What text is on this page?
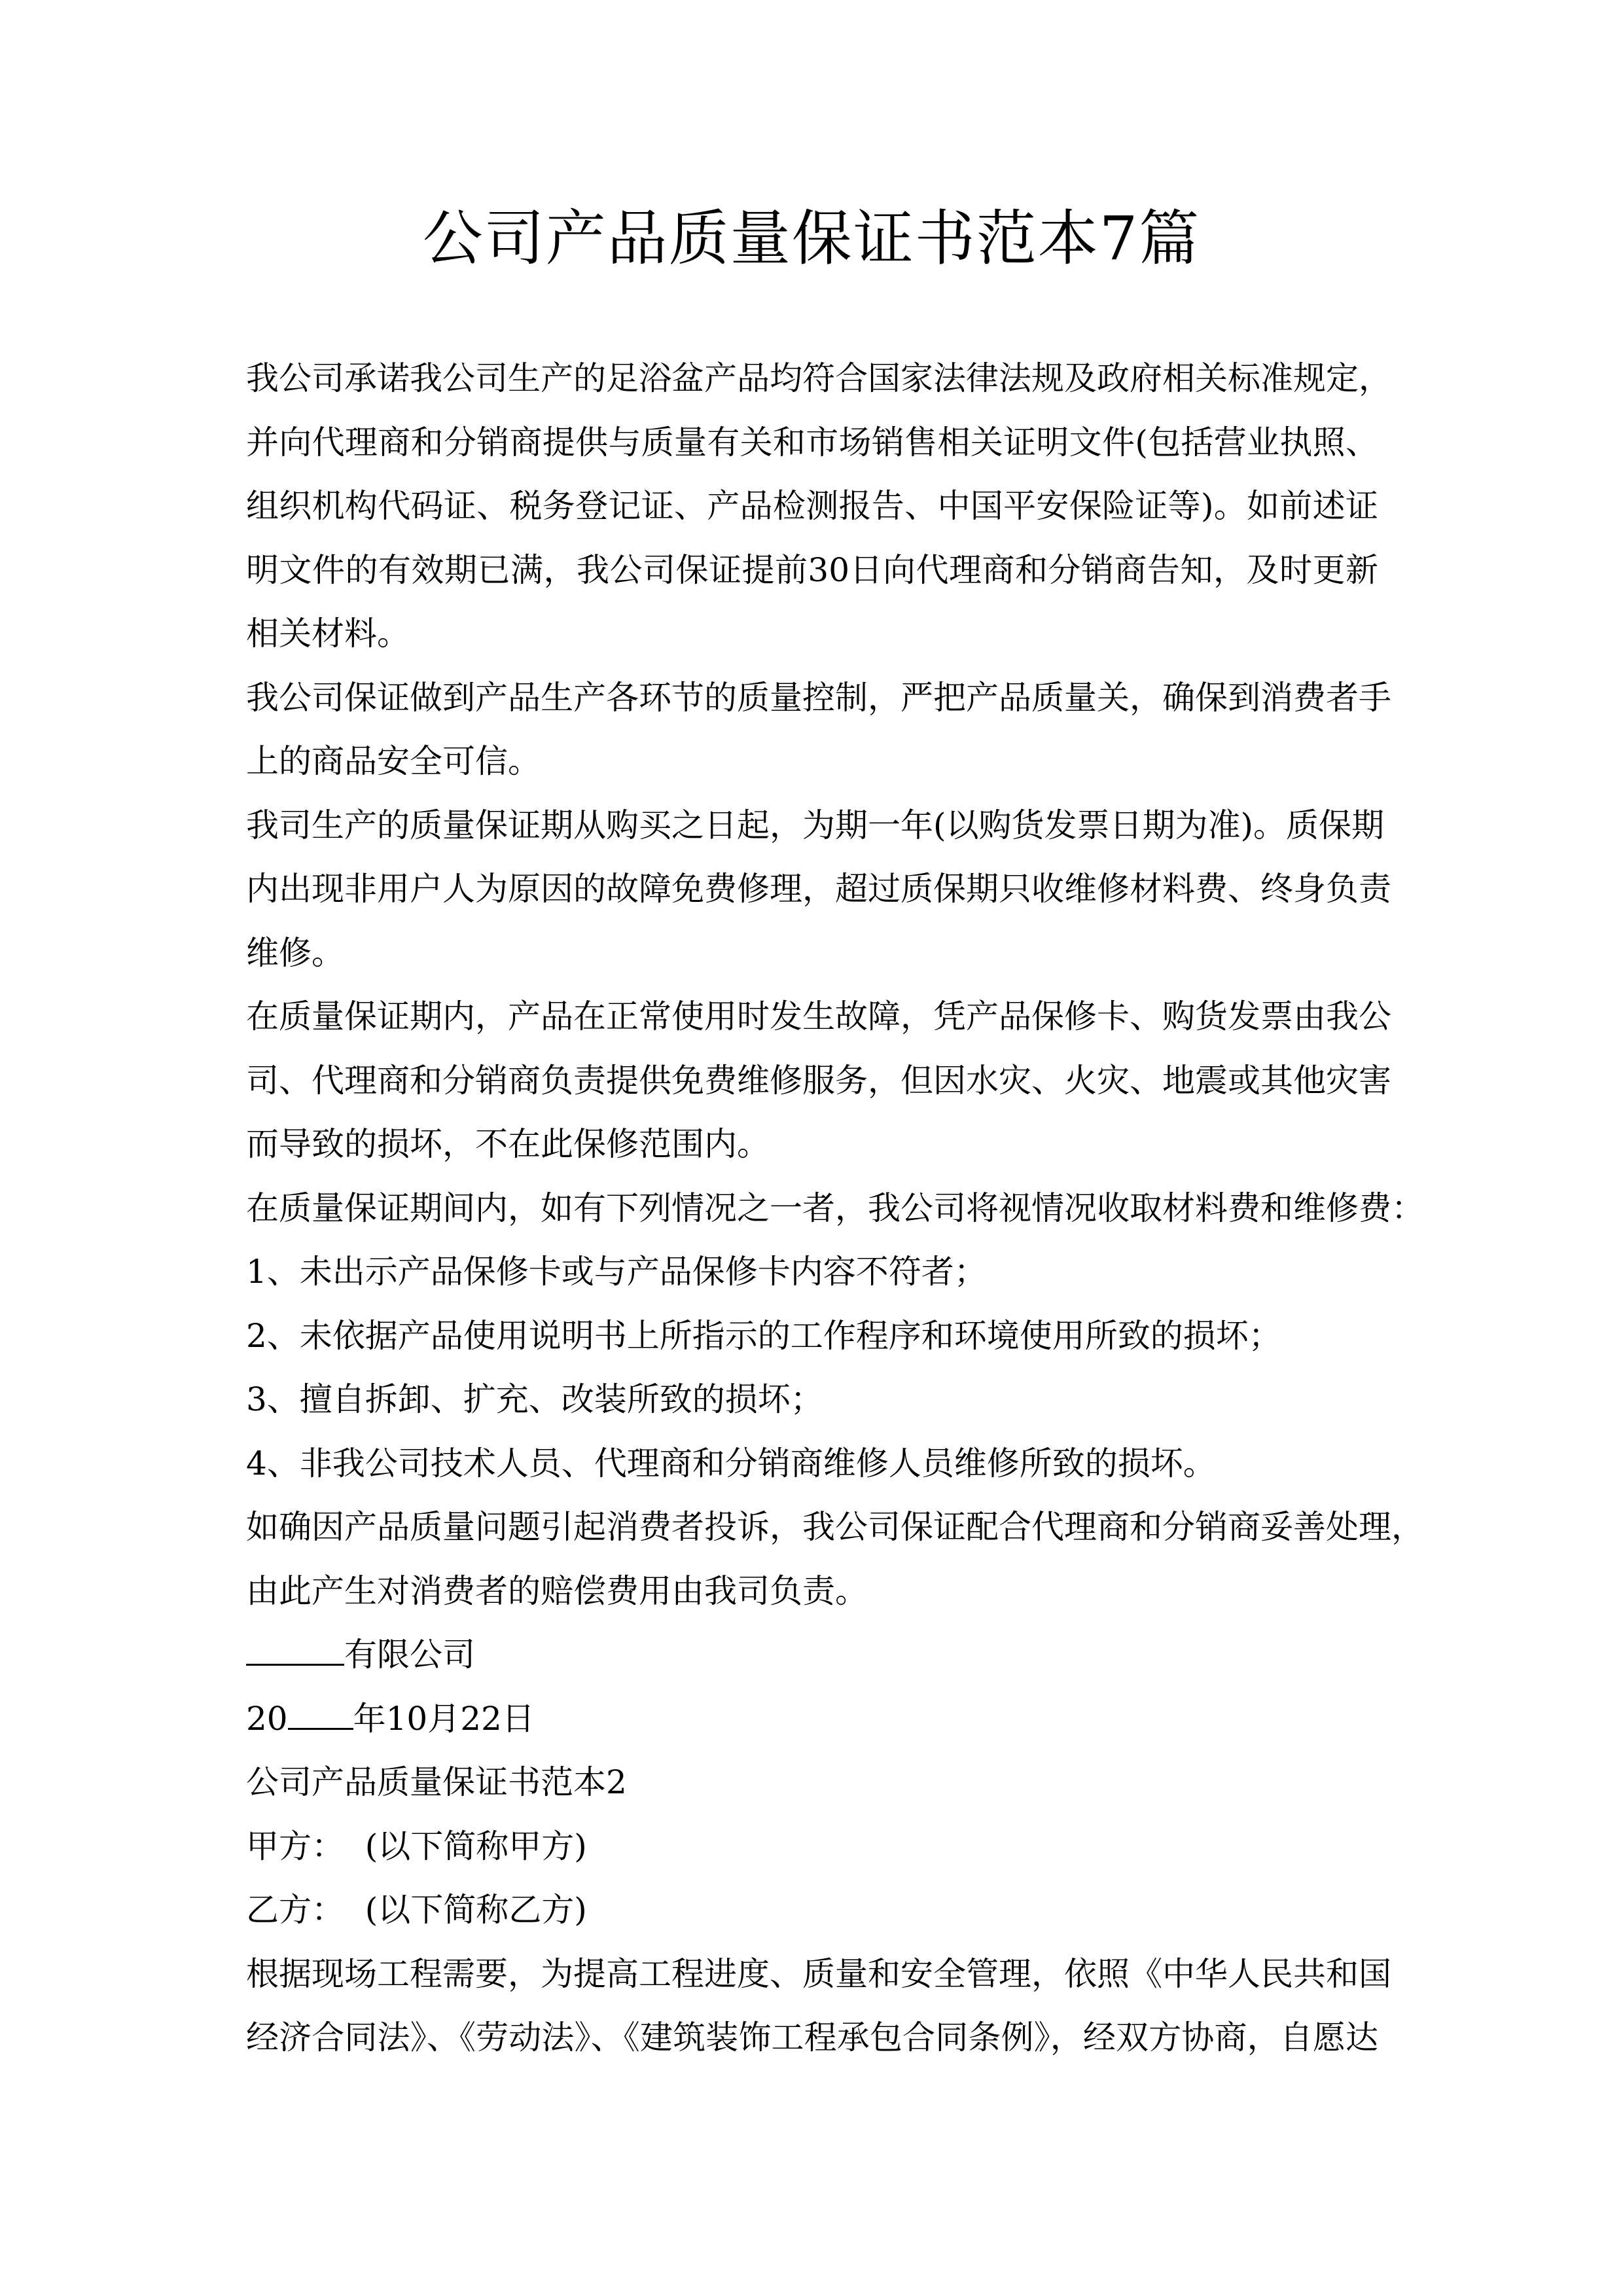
公司产品质量保证书范本7篇
我公司承诺我公司生产的足浴盆产品均符合国家法律法规及政府相关标准规定，
并向代理商和分销商提供与质量有关和市场销售相关证明文件(包括营业执照、
组织机构代码证、税务登记证、产品检测报告、中国平安保险证等)。如前述证
明文件的有效期已满，我公司保证提前30日向代理商和分销商告知，及时更新
相关材料。
我公司保证做到产品生产各环节的质量控制，严把产品质量关，确保到消费者手
上的商品安全可信。
我司生产的质量保证期从购买之日起，为期一年(以购货发票日期为准)。质保期
内出现非用户人为原因的故障免费修理，超过质保期只收维修材料费、终身负责
维修。
在质量保证期内，产品在正常使用时发生故障，凭产品保修卡、购货发票由我公
司、代理商和分销商负责提供免费维修服务，但因水灾、火灾、地震或其他灾害
而导致的损坏，不在此保修范围内。
在质量保证期间内，如有下列情况之一者，我公司将视情况收取材料费和维修费：
1、未出示产品保修卡或与产品保修卡内容不符者；
2、未依据产品使用说明书上所指示的工作程序和环境使用所致的损坏；
3、擅自拆卸、扩充、改装所致的损坏；
4、非我公司技术人员、代理商和分销商维修人员维修所致的损坏。
如确因产品质量问题引起消费者投诉，我公司保证配合代理商和分销商妥善处理，
由此产生对消费者的赔偿费用由我司负责。
有限公司
20 年10月22日
公司产品质量保证书范本2
甲方：  (以下简称甲方)
乙方：  (以下简称乙方)
根据现场工程需要，为提高工程进度、质量和安全管理，依照《中华人民共和国
经济合同法》、《劳动法》、《建筑装饰工程承包合同条例》，经双方协商，自愿达
